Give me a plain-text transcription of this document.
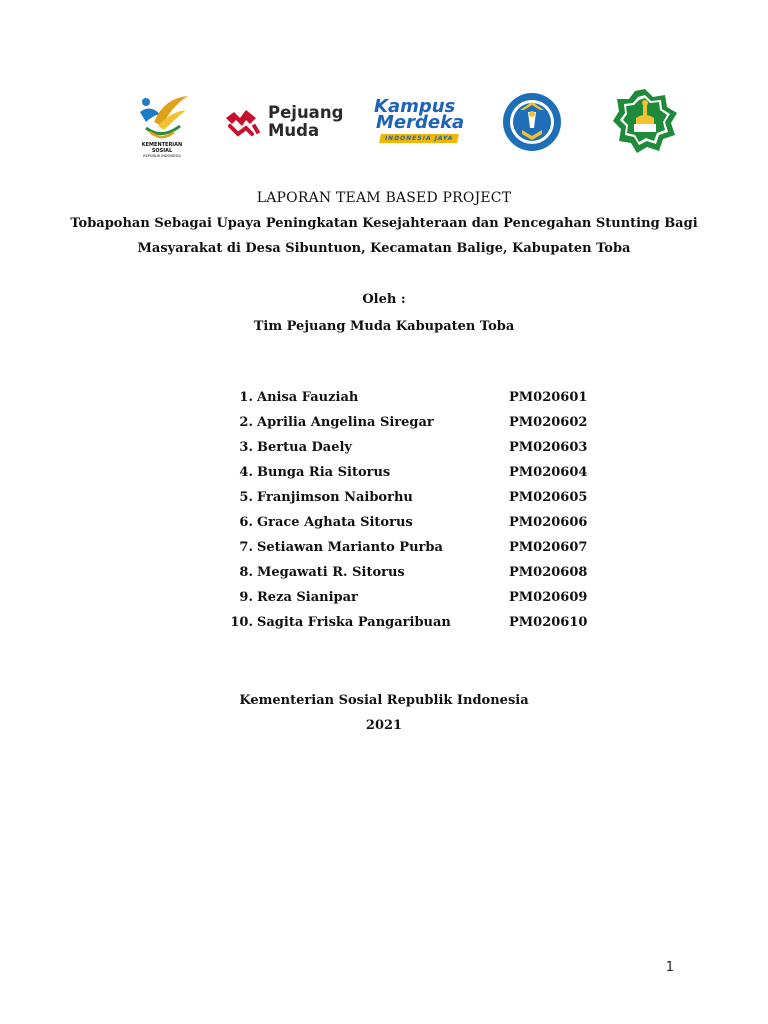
KEMENTERIAN SOSIAL
REPUBLIK INDONESIA
Pejuang
Muda
Kampus
Merdeka
INDONESIA JAYA
LAPORAN TEAM BASED PROJECT
Tobapohan Sebagai Upaya Peningkatan Kesejahteraan dan Pencegahan Stunting Bagi
Masyarakat di Desa Sibuntuon, Kecamatan Balige, Kabupaten Toba
Oleh :
Tim Pejuang Muda Kabupaten Toba
1. Anisa Fauziah	PM020601
2. Aprilia Angelina Siregar	PM020602
3. Bertua Daely	PM020603
4. Bunga Ria Sitorus	PM020604
5. Franjimson Naiborhu	PM020605
6. Grace Aghata Sitorus	PM020606
7. Setiawan Marianto Purba	PM020607
8. Megawati R. Sitorus	PM020608
9. Reza Sianipar	PM020609
10. Sagita Friska Pangaribuan	PM020610
Kementerian Sosial Republik Indonesia
2021
1
